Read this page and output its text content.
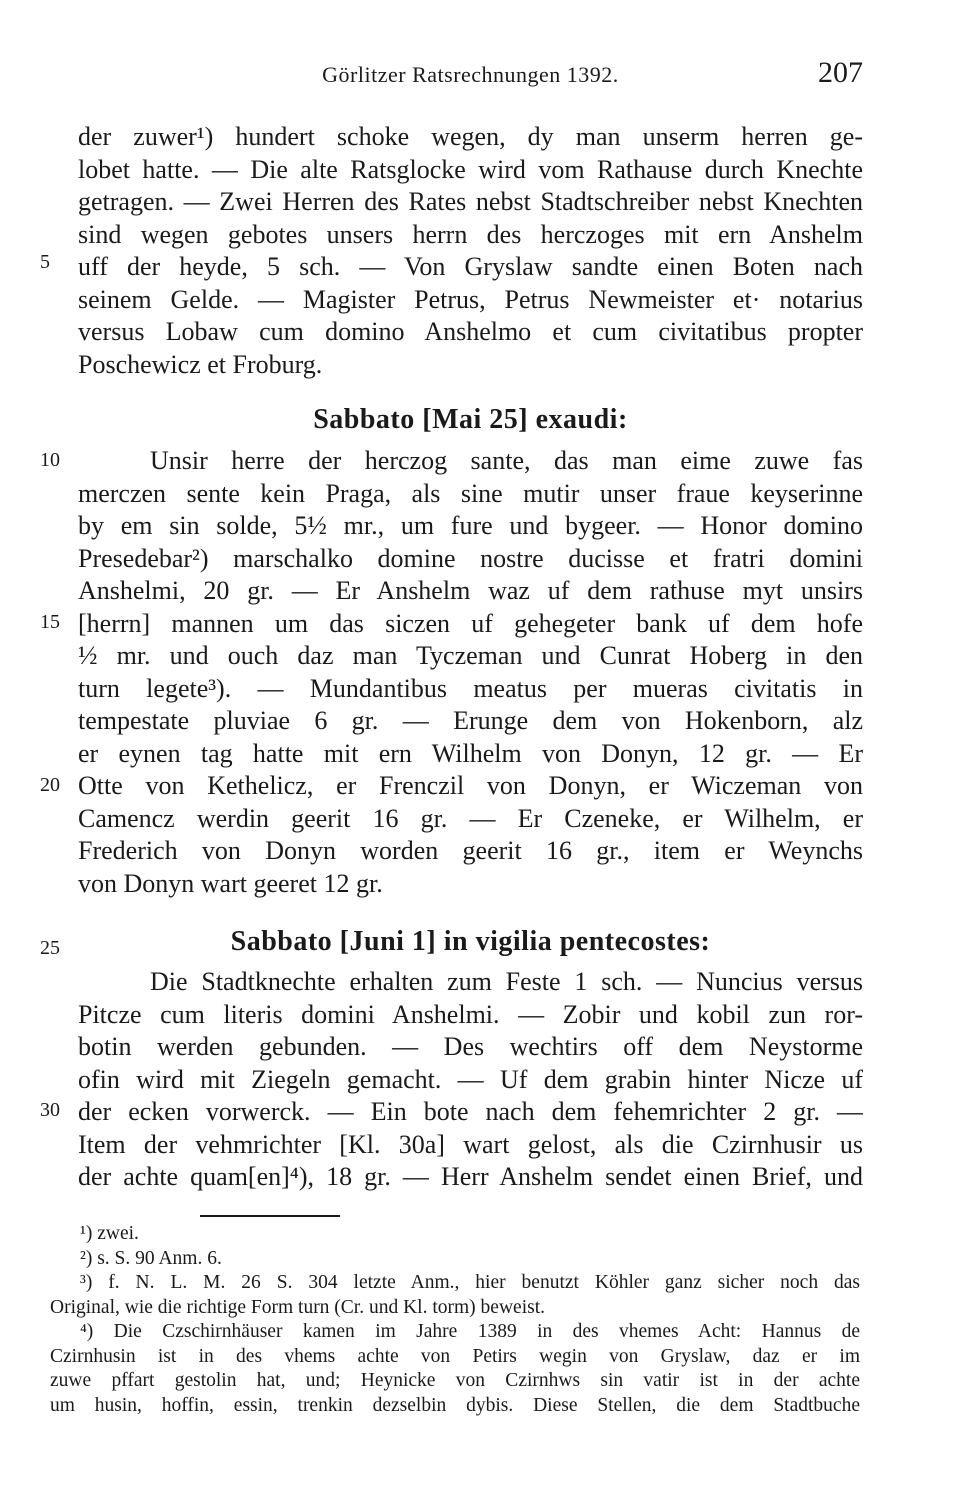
Görlitzer Ratsrechnungen 1392.	207
der zuwer¹) hundert schoke wegen, dy man unserm herren ge-
lobet hatte. — Die alte Ratsglocke wird vom Rathause durch Knechte
getragen. — Zwei Herren des Rates nebst Stadtschreiber nebst Knechten
sind wegen gebotes unsers herrn des herczoges mit ern Anshelm
uff der heyde, 5 sch. — Von Gryslaw sandte einen Boten nach
seinem Gelde. — Magister Petrus, Petrus Newmeister et· notarius
versus Lobaw cum domino Anshelmo et cum civitatibus propter
Poschewicz et Froburg.
Sabbato [Mai 25] exaudi:
Unsir herre der herczog sante, das man eime zuwe fas
merczen sente kein Praga, als sine mutir unser fraue keyserinne
by em sin solde, 5½ mr., um fure und bygeer. — Honor domino
Presedebar²) marschalko domine nostre ducisse et fratri domini
Anshelmi, 20 gr. — Er Anshelm waz uf dem rathuse myt unsirs
[herrn] mannen um das siczen uf gehegeter bank uf dem hofe
½ mr. und ouch daz man Tyczeman und Cunrat Hoberg in den
turn legete³). — Mundantibus meatus per mueras civitatis in
tempestate pluviae 6 gr. — Erunge dem von Hokenborn, alz
er eynen tag hatte mit ern Wilhelm von Donyn, 12 gr. — Er
Otte von Kethelicz, er Frenczil von Donyn, er Wiczeman von
Camencz werdin geerit 16 gr. — Er Czeneke, er Wilhelm, er
Frederich von Donyn worden geerit 16 gr., item er Weynchs
von Donyn wart geeret 12 gr.
Sabbato [Juni 1] in vigilia pentecostes:
Die Stadtknechte erhalten zum Feste 1 sch. — Nuncius versus
Pitcze cum literis domini Anshelmi. — Zobir und kobil zun ror-
botin werden gebunden. — Des wechtirs off dem Neystorme
ofin wird mit Ziegeln gemacht. — Uf dem grabin hinter Nicze uf
der ecken vorwerck. — Ein bote nach dem fehemrichter 2 gr. —
Item der vehmrichter [Kl. 30a] wart gelost, als die Czirnhusir us
der achte quam[en]⁴), 18 gr. — Herr Anshelm sendet einen Brief, und
5
10
15
20
25
30
¹) zwei.
²) s. S. 90 Anm. 6.
³) f. N. L. M. 26 S. 304 letzte Anm., hier benutzt Köhler ganz sicher noch das
Original, wie die richtige Form turn (Cr. und Kl. torm) beweist.
⁴) Die Czschirnhäuser kamen im Jahre 1389 in des vhemes Acht: Hannus de
Czirnhusin ist in des vhems achte von Petirs wegin von Gryslaw, daz er im
zuwe pffart gestolin hat, und; Heynicke von Czirnhws sin vatir ist in der achte
um husin, hoffin, essin, trenkin dezselbin dybis. Diese Stellen, die dem Stadtbuche
